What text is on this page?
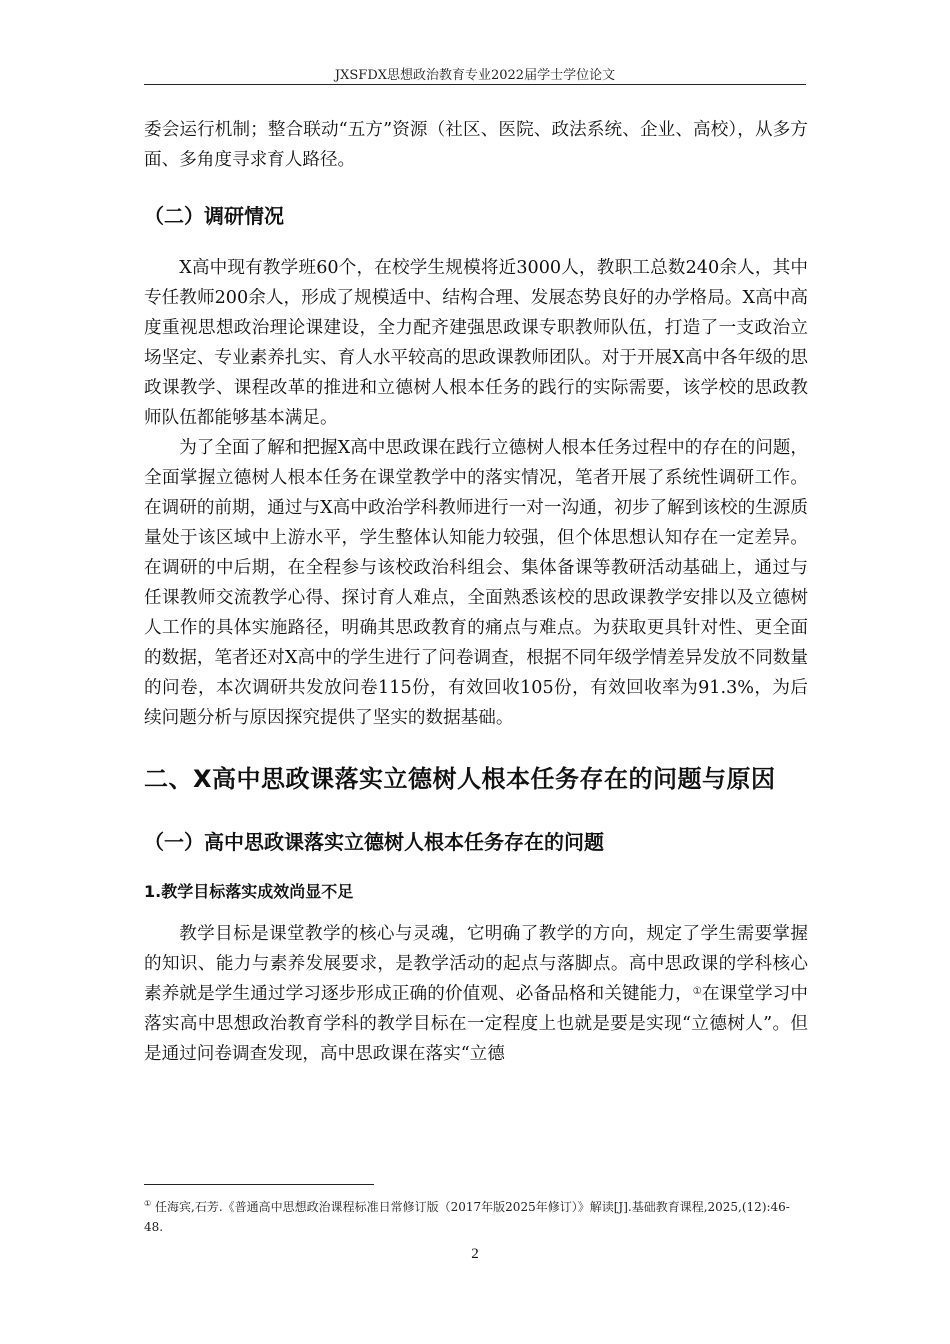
JXSFDX思想政治教育专业2022届学士学位论文

委会运行机制；整合联动“五方”资源（社区、医院、政法系统、企业、高校），从多方面、多角度寻求育人路径。

（二）调研情况

X高中现有教学班60个，在校学生规模将近3000人，教职工总数240余人，其中专任教师200余人，形成了规模适中、结构合理、发展态势良好的办学格局。X高中高度重视思想政治理论课建设，全力配齐建强思政课专职教师队伍，打造了一支政治立场坚定、专业素养扎实、育人水平较高的思政课教师团队。对于开展X高中各年级的思政课教学、课程改革的推进和立德树人根本任务的践行的实际需要，该学校的思政教师队伍都能够基本满足。

为了全面了解和把握X高中思政课在践行立德树人根本任务过程中的存在的问题，全面掌握立德树人根本任务在课堂教学中的落实情况，笔者开展了系统性调研工作。在调研的前期，通过与X高中政治学科教师进行一对一沟通，初步了解到该校的生源质量处于该区域中上游水平，学生整体认知能力较强，但个体思想认知存在一定差异。在调研的中后期，在全程参与该校政治科组会、集体备课等教研活动基础上，通过与任课教师交流教学心得、探讨育人难点，全面熟悉该校的思政课教学安排以及立德树人工作的具体实施路径，明确其思政教育的痛点与难点。为获取更具针对性、更全面的数据，笔者还对X高中的学生进行了问卷调查，根据不同年级学情差异发放不同数量的问卷，本次调研共发放问卷115份，有效回收105份，有效回收率为91.3%，为后续问题分析与原因探究提供了坚实的数据基础。

二、X高中思政课落实立德树人根本任务存在的问题与原因
（一）高中思政课落实立德树人根本任务存在的问题
1.教学目标落实成效尚显不足

教学目标是课堂教学的核心与灵魂，它明确了教学的方向，规定了学生需要掌握的知识、能力与素养发展要求，是教学活动的起点与落脚点。高中思政课的学科核心素养就是学生通过学习逐步形成正确的价值观、必备品格和关键能力，①在课堂学习中落实高中思想政治教育学科的教学目标在一定程度上也就是要是实现“立德树人”。但是通过问卷调查发现，高中思政课在落实“立德

① 任海宾,石芳.《普通高中思想政治课程标准日常修订版（2017年版2025年修订）》解读[J].基础教育课程,2025,(12):46-48.
2
